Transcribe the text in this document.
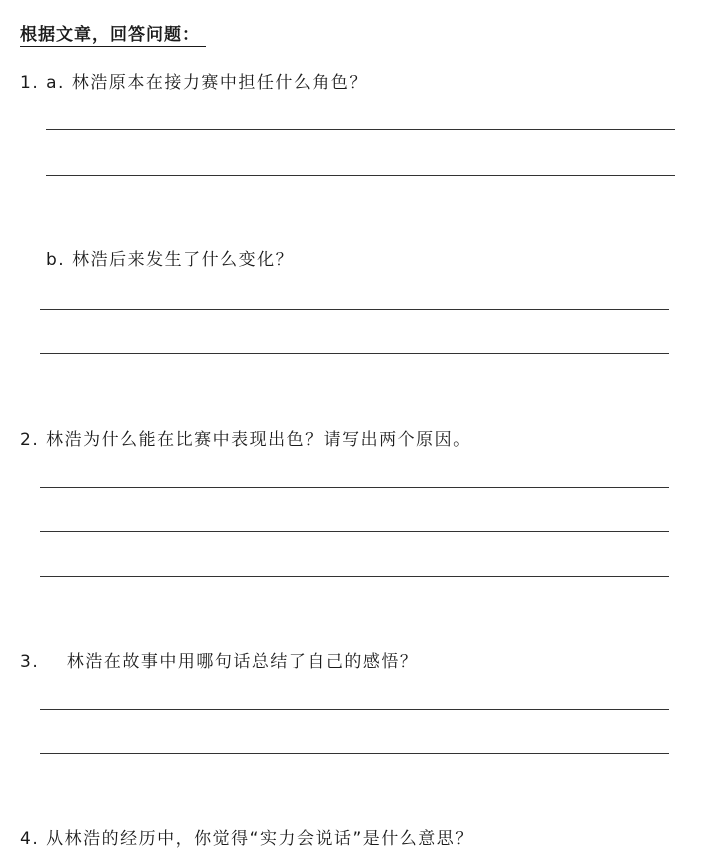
根据文章，回答问题：
1. a. 林浩原本在接力赛中担任什么角色？
b. 林浩后来发生了什么变化？
2. 林浩为什么能在比赛中表现出色？请写出两个原因。
3. 林浩在故事中用哪句话总结了自己的感悟？
4. 从林浩的经历中，你觉得“实力会说话”是什么意思？
